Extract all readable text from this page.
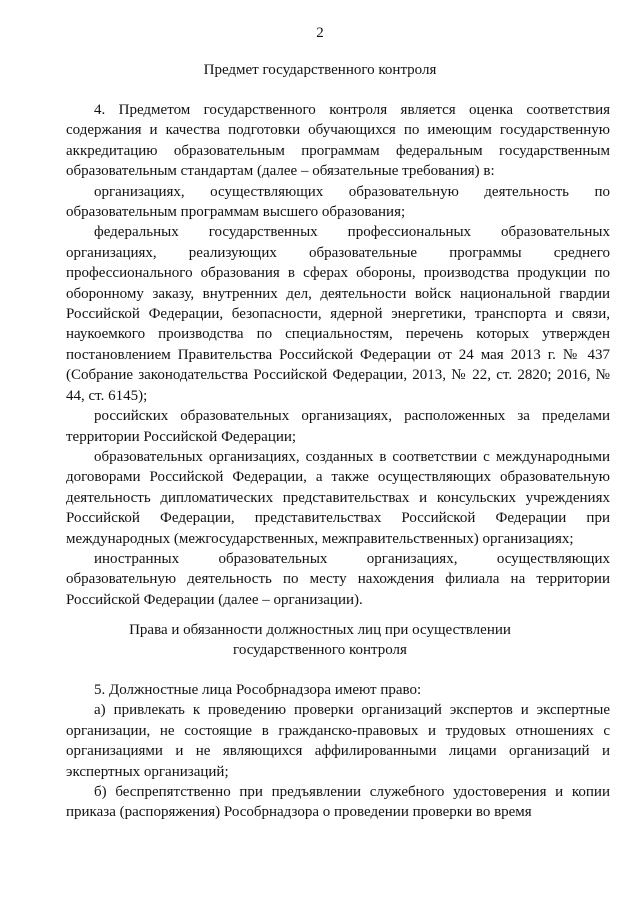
2
Предмет государственного контроля

4. Предметом государственного контроля является оценка соответствия содержания и качества подготовки обучающихся по имеющим государственную аккредитацию образовательным программам федеральным государственным образовательным стандартам (далее – обязательные требования) в:

организациях, осуществляющих образовательную деятельность по образовательным программам высшего образования;

федеральных государственных профессиональных образовательных организациях, реализующих образовательные программы среднего профессионального образования в сферах обороны, производства продукции по оборонному заказу, внутренних дел, деятельности войск национальной гвардии Российской Федерации, безопасности, ядерной энергетики, транспорта и связи, наукоемкого производства по специальностям, перечень которых утвержден постановлением Правительства Российской Федерации от 24 мая 2013 г. № 437 (Собрание законодательства Российской Федерации, 2013, № 22, ст. 2820; 2016, № 44, ст. 6145);

российских образовательных организациях, расположенных за пределами территории Российской Федерации;

образовательных организациях, созданных в соответствии с международными договорами Российской Федерации, а также осуществляющих образовательную деятельность дипломатических представительствах и консульских учреждениях Российской Федерации, представительствах Российской Федерации при международных (межгосударственных, межправительственных) организациях;

иностранных образовательных организациях, осуществляющих образовательную деятельность по месту нахождения филиала на территории Российской Федерации (далее – организации).

Права и обязанности должностных лиц при осуществлении
государственного контроля

5. Должностные лица Рособрнадзора имеют право:

а) привлекать к проведению проверки организаций экспертов и экспертные организации, не состоящие в гражданско-правовых и трудовых отношениях с организациями и не являющихся аффилированными лицами организаций и экспертных организаций;

б) беспрепятственно при предъявлении служебного удостоверения и копии приказа (распоряжения) Рособрнадзора о проведении проверки во время
